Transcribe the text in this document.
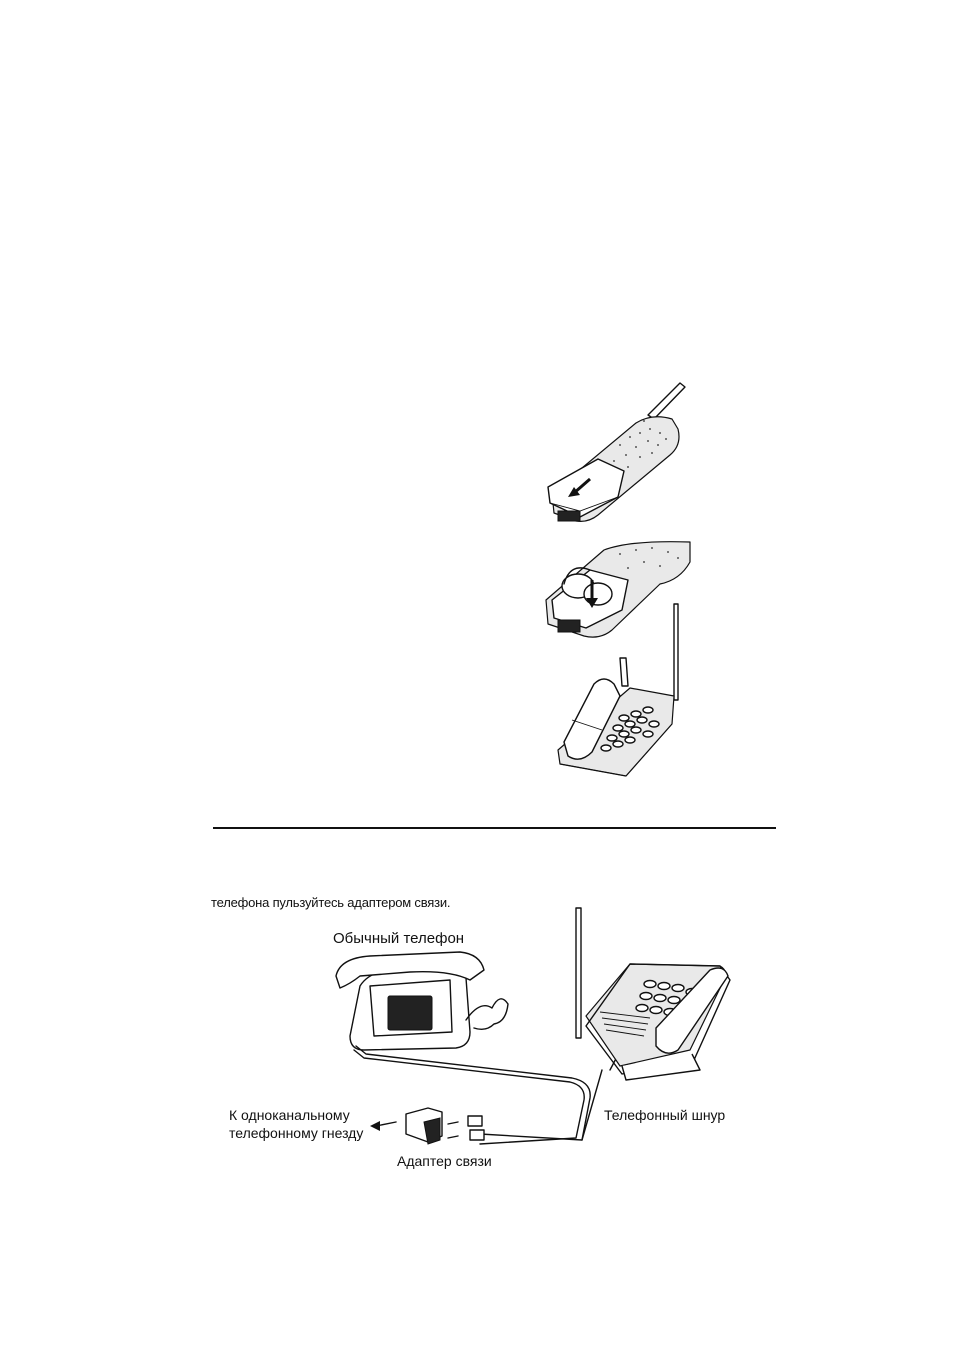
телефона пульзуйтесь адаптером связи.
Обычный телефон
К одноканальному
телефонному гнезду
Телефонный шнур
Адаптер связи
